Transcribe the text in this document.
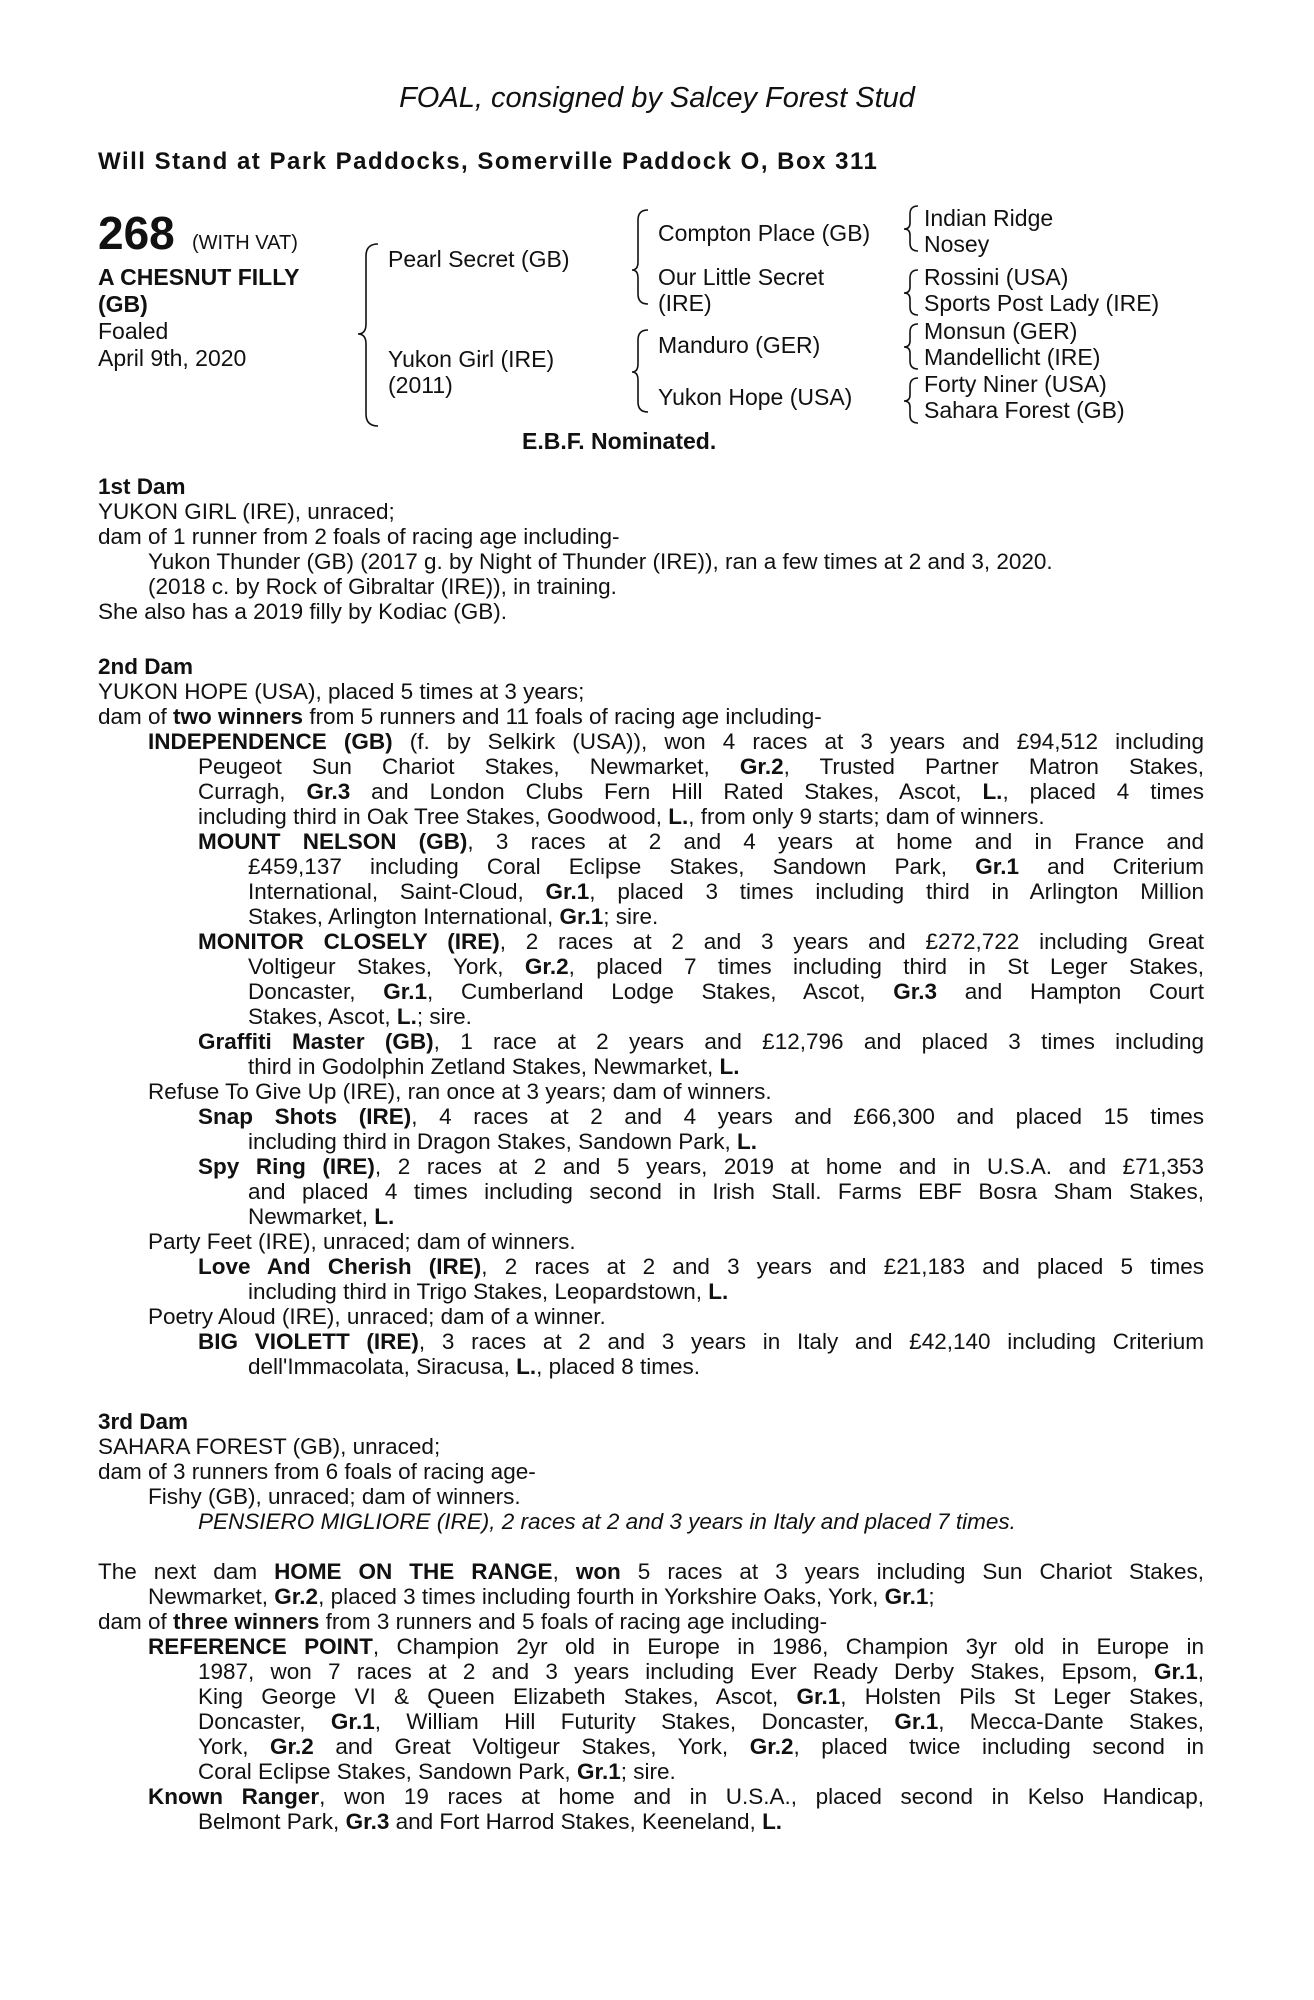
FOAL, consigned by Salcey Forest Stud
Will Stand at Park Paddocks, Somerville Paddock O, Box 311
268 (WITH VAT)
A CHESNUT FILLY
(GB)
Foaled
April 9th, 2020
Pearl Secret (GB)
Yukon Girl (IRE)
(2011)
Compton Place (GB)
Our Little Secret
(IRE)
Manduro (GER)
Yukon Hope (USA)
Indian Ridge
Nosey
Rossini (USA)
Sports Post Lady (IRE)
Monsun (GER)
Mandellicht (IRE)
Forty Niner (USA)
Sahara Forest (GB)
E.B.F. Nominated.
1st Dam
YUKON GIRL (IRE), unraced;
dam of 1 runner from 2 foals of racing age including-
Yukon Thunder (GB) (2017 g. by Night of Thunder (IRE)), ran a few times at 2 and 3, 2020.
(2018 c. by Rock of Gibraltar (IRE)), in training.
She also has a 2019 filly by Kodiac (GB).
2nd Dam
YUKON HOPE (USA), placed 5 times at 3 years;
dam of two winners from 5 runners and 11 foals of racing age including-
INDEPENDENCE (GB) (f. by Selkirk (USA)), won 4 races at 3 years and £94,512 including
Peugeot Sun Chariot Stakes, Newmarket, Gr.2, Trusted Partner Matron Stakes,
Curragh, Gr.3 and London Clubs Fern Hill Rated Stakes, Ascot, L., placed 4 times
including third in Oak Tree Stakes, Goodwood, L., from only 9 starts; dam of winners.
MOUNT NELSON (GB), 3 races at 2 and 4 years at home and in France and
£459,137 including Coral Eclipse Stakes, Sandown Park, Gr.1 and Criterium
International, Saint-Cloud, Gr.1, placed 3 times including third in Arlington Million
Stakes, Arlington International, Gr.1; sire.
MONITOR CLOSELY (IRE), 2 races at 2 and 3 years and £272,722 including Great
Voltigeur Stakes, York, Gr.2, placed 7 times including third in St Leger Stakes,
Doncaster, Gr.1, Cumberland Lodge Stakes, Ascot, Gr.3 and Hampton Court
Stakes, Ascot, L.; sire.
Graffiti Master (GB), 1 race at 2 years and £12,796 and placed 3 times including
third in Godolphin Zetland Stakes, Newmarket, L.
Refuse To Give Up (IRE), ran once at 3 years; dam of winners.
Snap Shots (IRE), 4 races at 2 and 4 years and £66,300 and placed 15 times
including third in Dragon Stakes, Sandown Park, L.
Spy Ring (IRE), 2 races at 2 and 5 years, 2019 at home and in U.S.A. and £71,353
and placed 4 times including second in Irish Stall. Farms EBF Bosra Sham Stakes,
Newmarket, L.
Party Feet (IRE), unraced; dam of winners.
Love And Cherish (IRE), 2 races at 2 and 3 years and £21,183 and placed 5 times
including third in Trigo Stakes, Leopardstown, L.
Poetry Aloud (IRE), unraced; dam of a winner.
BIG VIOLETT (IRE), 3 races at 2 and 3 years in Italy and £42,140 including Criterium
dell'Immacolata, Siracusa, L., placed 8 times.
3rd Dam
SAHARA FOREST (GB), unraced;
dam of 3 runners from 6 foals of racing age-
Fishy (GB), unraced; dam of winners.
PENSIERO MIGLIORE (IRE), 2 races at 2 and 3 years in Italy and placed 7 times.
The next dam HOME ON THE RANGE, won 5 races at 3 years including Sun Chariot Stakes,
Newmarket, Gr.2, placed 3 times including fourth in Yorkshire Oaks, York, Gr.1;
dam of three winners from 3 runners and 5 foals of racing age including-
REFERENCE POINT, Champion 2yr old in Europe in 1986, Champion 3yr old in Europe in
1987, won 7 races at 2 and 3 years including Ever Ready Derby Stakes, Epsom, Gr.1,
King George VI & Queen Elizabeth Stakes, Ascot, Gr.1, Holsten Pils St Leger Stakes,
Doncaster, Gr.1, William Hill Futurity Stakes, Doncaster, Gr.1, Mecca-Dante Stakes,
York, Gr.2 and Great Voltigeur Stakes, York, Gr.2, placed twice including second in
Coral Eclipse Stakes, Sandown Park, Gr.1; sire.
Known Ranger, won 19 races at home and in U.S.A., placed second in Kelso Handicap,
Belmont Park, Gr.3 and Fort Harrod Stakes, Keeneland, L.
